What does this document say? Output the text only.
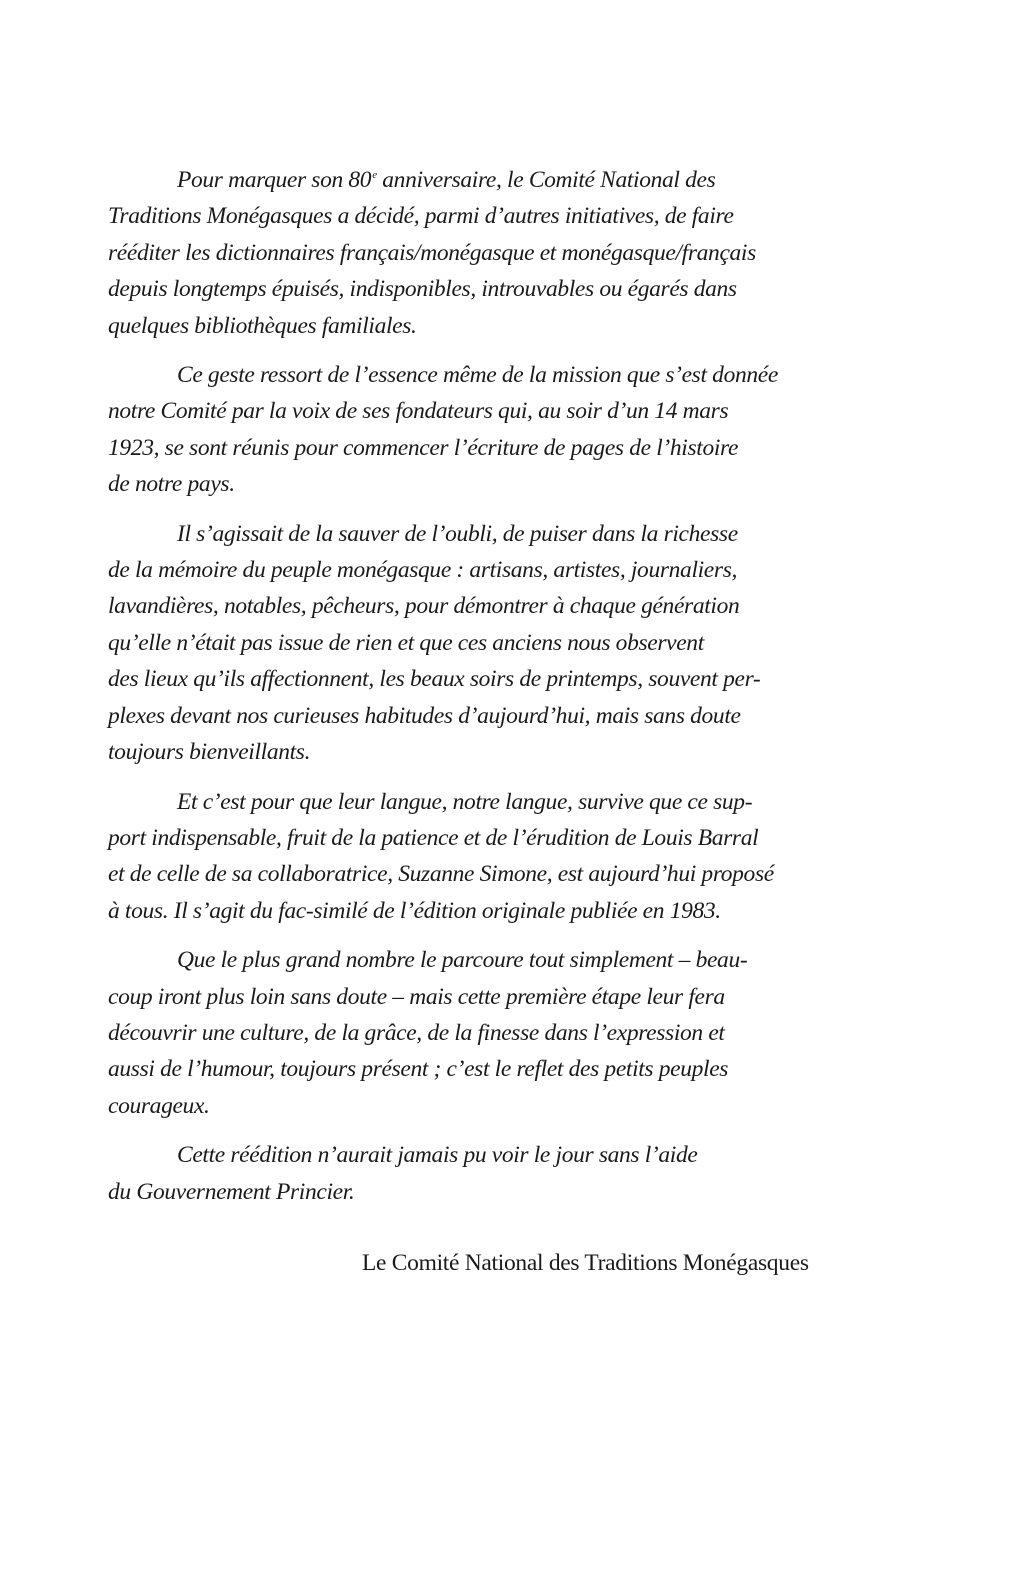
Pour marquer son 80e anniversaire, le Comité National des
Traditions Monégasques a décidé, parmi d’autres initiatives, de faire
rééditer les dictionnaires français/monégasque et monégasque/français
depuis longtemps épuisés, indisponibles, introuvables ou égarés dans
quelques bibliothèques familiales.

Ce geste ressort de l’essence même de la mission que s’est donnée
notre Comité par la voix de ses fondateurs qui, au soir d’un 14 mars
1923, se sont réunis pour commencer l’écriture de pages de l’histoire
de notre pays.

Il s’agissait de la sauver de l’oubli, de puiser dans la richesse
de la mémoire du peuple monégasque : artisans, artistes, journaliers,
lavandières, notables, pêcheurs, pour démontrer à chaque génération
qu’elle n’était pas issue de rien et que ces anciens nous observent
des lieux qu’ils affectionnent, les beaux soirs de printemps, souvent per-
plexes devant nos curieuses habitudes d’aujourd’hui, mais sans doute
toujours bienveillants.

Et c’est pour que leur langue, notre langue, survive que ce sup-
port indispensable, fruit de la patience et de l’érudition de Louis Barral
et de celle de sa collaboratrice, Suzanne Simone, est aujourd’hui proposé
à tous. Il s’agit du fac-similé de l’édition originale publiée en 1983.

Que le plus grand nombre le parcoure tout simplement – beau-
coup iront plus loin sans doute – mais cette première étape leur fera
découvrir une culture, de la grâce, de la finesse dans l’expression et
aussi de l’humour, toujours présent ; c’est le reflet des petits peuples
courageux.

Cette réédition n’aurait jamais pu voir le jour sans l’aide
du Gouvernement Princier.

Le Comité National des Traditions Monégasques
